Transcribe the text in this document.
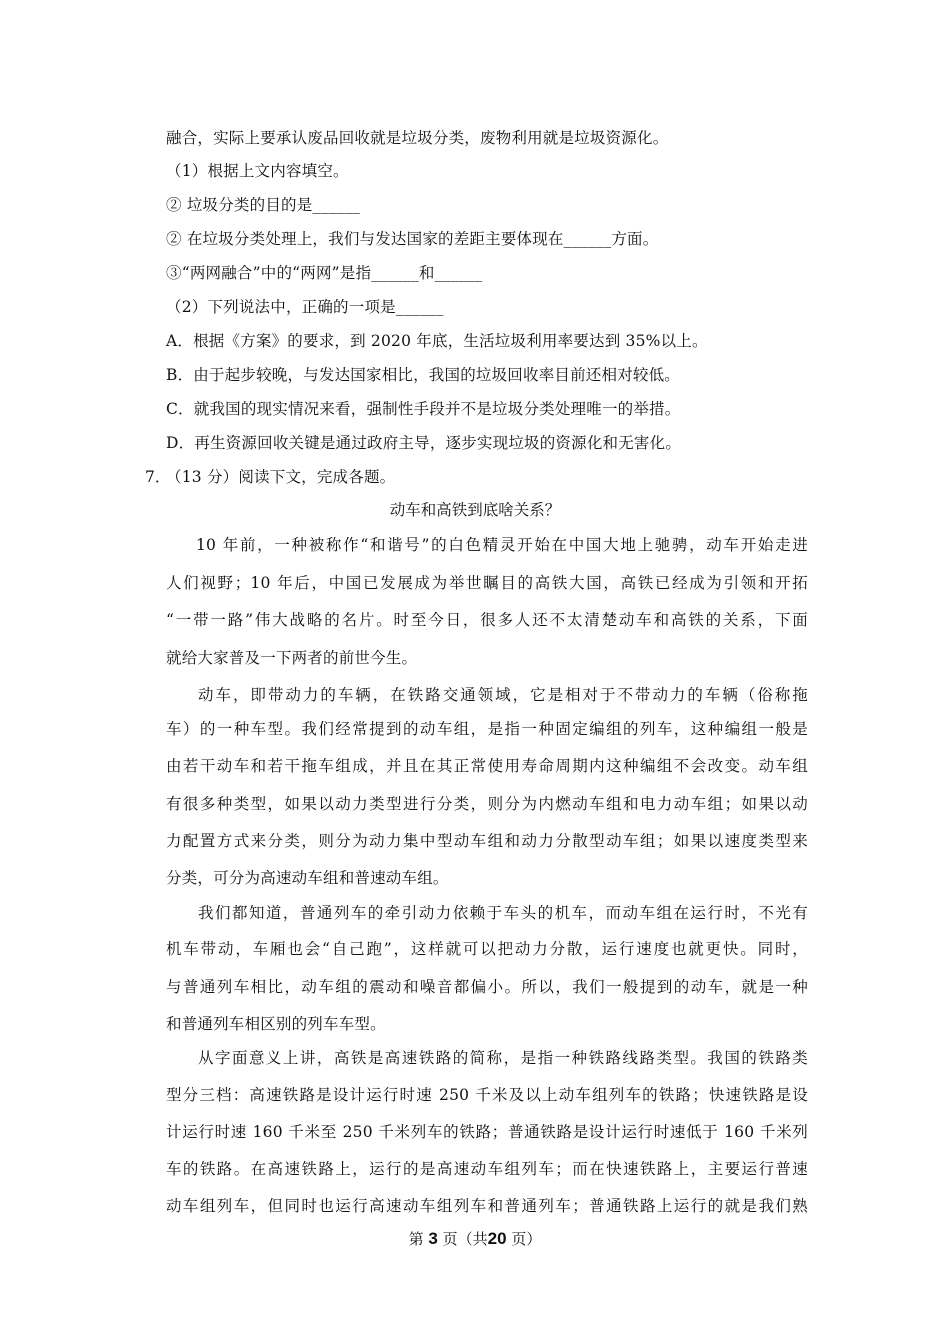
融合，实际上要承认废品回收就是垃圾分类，废物利用就是垃圾资源化。
（1）根据上文内容填空。
② 垃圾分类的目的是______
② 在垃圾分类处理上，我们与发达国家的差距主要体现在______方面。
③“两网融合”中的“两网”是指______和______
（2）下列说法中，正确的一项是______
A．根据《方案》的要求，到 2020 年底，生活垃圾利用率要达到 35%以上。
B．由于起步较晚，与发达国家相比，我国的垃圾回收率目前还相对较低。
C．就我国的现实情况来看，强制性手段并不是垃圾分类处理唯一的举措。
D．再生资源回收关键是通过政府主导，逐步实现垃圾的资源化和无害化。
7．
（13 分）阅读下文，完成各题。
动车和高铁到底啥关系？
10 年前，一种被称作“和谐号”的白色精灵开始在中国大地上驰骋，动车开始走进
人们视野；10 年后，中国已发展成为举世瞩目的高铁大国，高铁已经成为引领和开拓
“一带一路”伟大战略的名片。时至今日，很多人还不太清楚动车和高铁的关系，下面
就给大家普及一下两者的前世今生。
动车，即带动力的车辆，在铁路交通领域，它是相对于不带动力的车辆（俗称拖
车）的一种车型。我们经常提到的动车组，是指一种固定编组的列车，这种编组一般是
由若干动车和若干拖车组成，并且在其正常使用寿命周期内这种编组不会改变。动车组
有很多种类型，如果以动力类型进行分类，则分为内燃动车组和电力动车组；如果以动
力配置方式来分类，则分为动力集中型动车组和动力分散型动车组；如果以速度类型来
分类，可分为高速动车组和普速动车组。
我们都知道，普通列车的牵引动力依赖于车头的机车，而动车组在运行时，不光有
机车带动，车厢也会“自己跑”，这样就可以把动力分散，运行速度也就更快。同时，
与普通列车相比，动车组的震动和噪音都偏小。所以，我们一般提到的动车，就是一种
和普通列车相区别的列车车型。
从字面意义上讲，高铁是高速铁路的简称，是指一种铁路线路类型。我国的铁路类
型分三档：高速铁路是设计运行时速 250 千米及以上动车组列车的铁路；快速铁路是设
计运行时速 160 千米至 250 千米列车的铁路；普通铁路是设计运行时速低于 160 千米列
车的铁路。在高速铁路上，运行的是高速动车组列车；而在快速铁路上，主要运行普速
动车组列车，但同时也运行高速动车组列车和普通列车；普通铁路上运行的就是我们熟
第 3 页（共20 页）
